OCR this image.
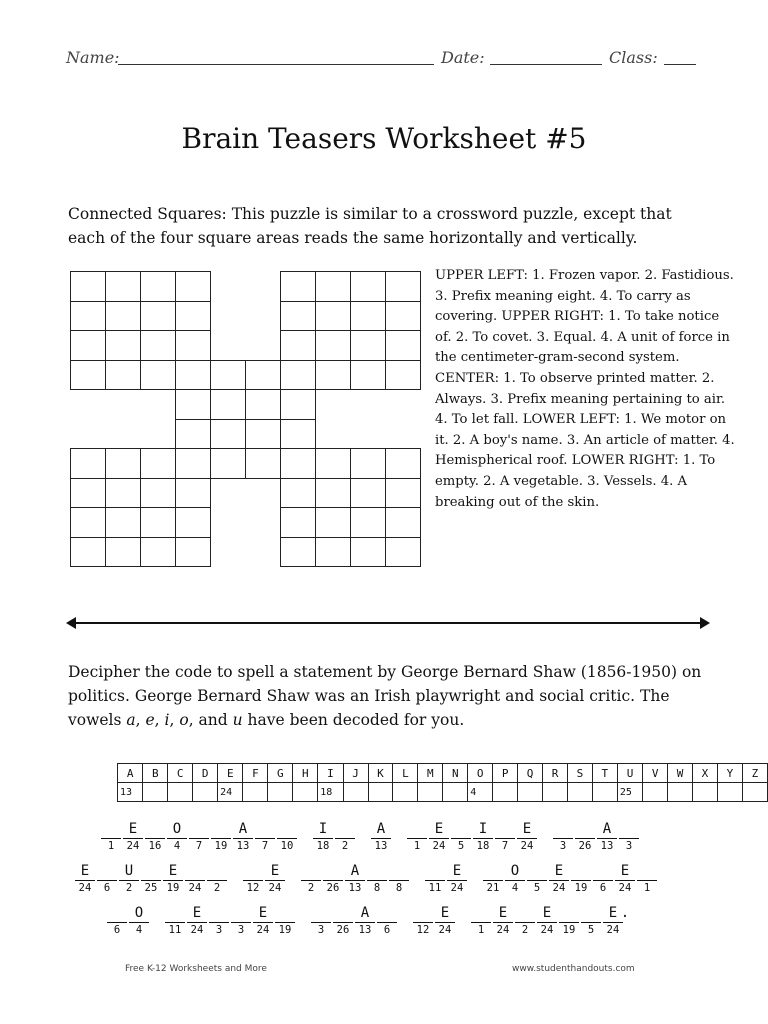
Name:	Date:	Class:
Brain Teasers Worksheet #5
Connected Squares: This puzzle is similar to a crossword puzzle, except that each of the four square areas reads the same horizontally and vertically.
UPPER LEFT: 1. Frozen vapor. 2. Fastidious. 3. Prefix meaning eight. 4. To carry as covering. UPPER RIGHT: 1. To take notice of. 2. To covet. 3. Equal. 4. A unit of force in the centimeter-gram-second system. CENTER: 1. To observe printed matter. 2. Always. 3. Prefix meaning pertaining to air. 4. To let fall. LOWER LEFT: 1. We motor on it. 2. A boy's name. 3. An article of matter. 4. Hemispherical roof. LOWER RIGHT: 1. To empty. 2. A vegetable. 3. Vessels. 4. A breaking out of the skin.
Decipher the code to spell a statement by George Bernard Shaw (1856-1950) on politics. George Bernard Shaw was an Irish playwright and social critic. The vowels a, e, i, o, and u have been decoded for you.
A	B	C	D	E	F	G	H	I	J	K	L	M	N	O	P	Q	R	S	T	U	V	W	X	Y	Z
13				24				18						4						25					
1
E
24 16
O
4	7	19
A
13	7	10
I
18	2
A
13	1
E
24	5
I
18	7
E
24	3	26
A
13	3
E
24	6
U
2	25
E
19 24	2	12
E
24	2	26
A
13	8	8	11
E
24	21
O
4	5
E
24 19	6
E
24	1
6
O
4	11
E
24	3	3
E
24 19	3	26
A
13	6	12
E
24	1
E
24	2
E
24 19	5
E
24
.
Free K-12 Worksheets and More	www.studenthandouts.com
